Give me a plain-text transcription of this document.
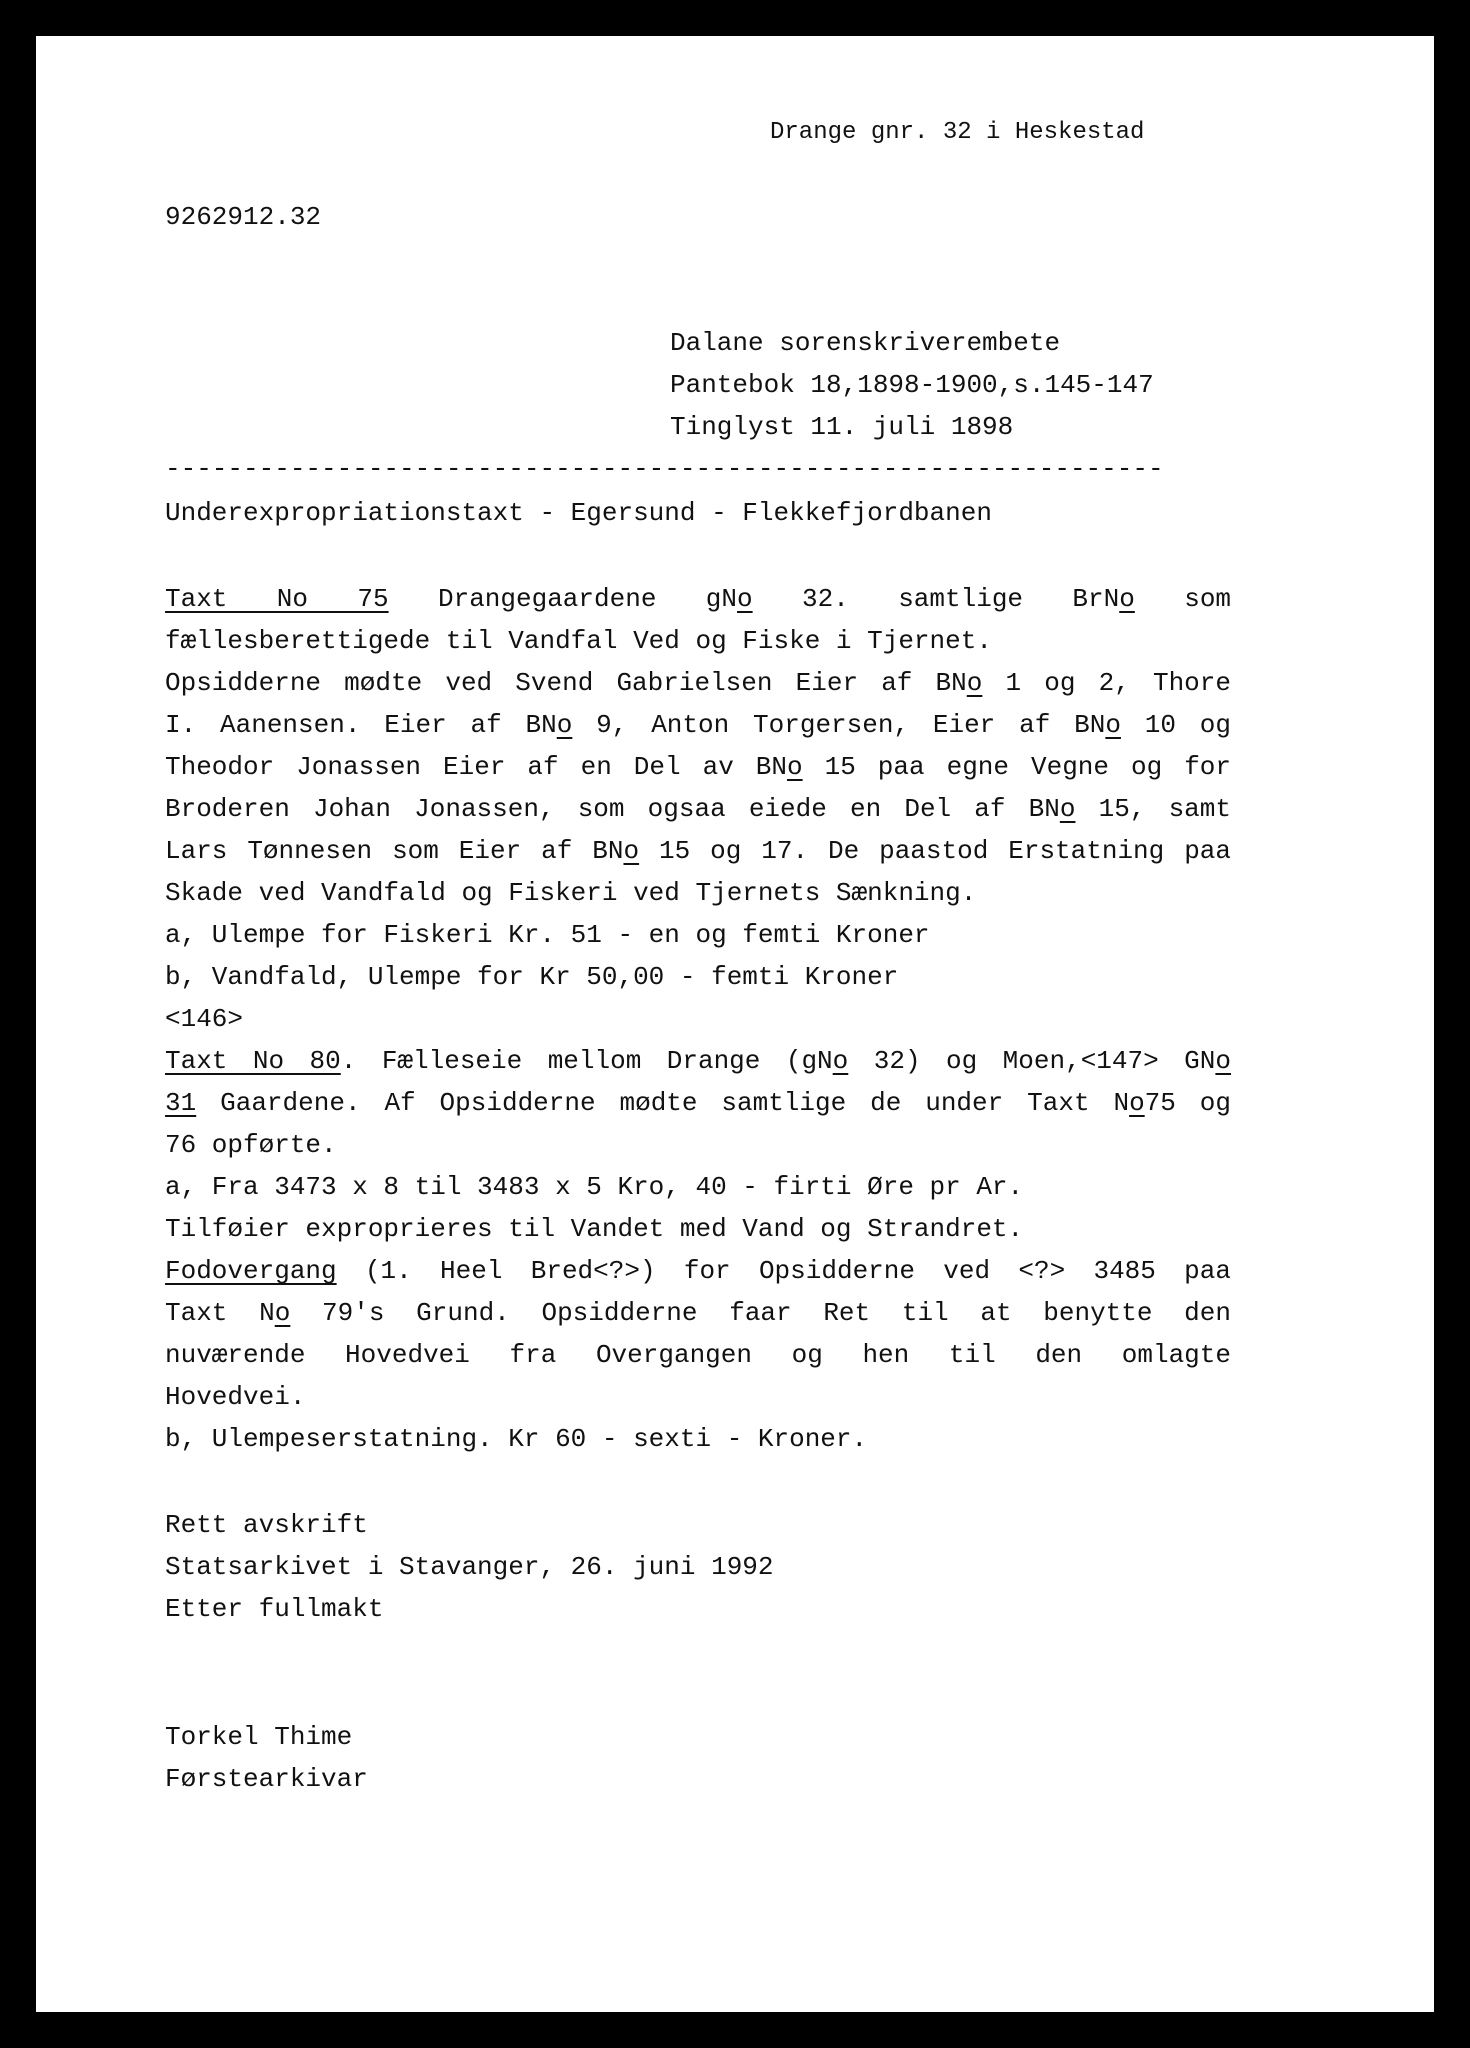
Drange gnr. 32 i Heskestad
9262912.32
Dalane sorenskriverembete
Pantebok 18,1898-1900,s.145-147
Tinglyst 11. juli 1898
----------------------------------------------------------------
Underexpropriationstaxt - Egersund - Flekkefjordbanen
Taxt No 75 Drangegaardene gNo 32. samtlige BrNo som
fællesberettigede til Vandfal Ved og Fiske i Tjernet.
Opsidderne mødte ved Svend Gabrielsen Eier af BNo 1 og 2, Thore
I. Aanensen. Eier af BNo 9, Anton Torgersen, Eier af BNo 10 og
Theodor Jonassen Eier af en Del av BNo 15 paa egne Vegne og for
Broderen Johan Jonassen, som ogsaa eiede en Del af BNo 15, samt
Lars Tønnesen som Eier af BNo 15 og 17. De paastod Erstatning paa
Skade ved Vandfald og Fiskeri ved Tjernets Sænkning.
a, Ulempe for Fiskeri Kr. 51 - en og femti Kroner
b, Vandfald, Ulempe for Kr 50,00 - femti Kroner
<146>
Taxt No 80. Fælleseie mellom Drange (gNo 32) og Moen,<147> GNo
31 Gaardene. Af Opsidderne mødte samtlige de under Taxt No75 og
76 opførte.
a, Fra 3473 x 8 til 3483 x 5 Kro, 40 - firti Øre pr Ar.
Tilføier exproprieres til Vandet med Vand og Strandret.
Fodovergang (1. Heel Bred<?>) for Opsidderne ved <?> 3485 paa
Taxt No 79's Grund. Opsidderne faar Ret til at benytte den
nuværende Hovedvei fra Overgangen og hen til den omlagte
Hovedvei.
b, Ulempeserstatning. Kr 60 - sexti - Kroner.
Rett avskrift
Statsarkivet i Stavanger, 26. juni 1992
Etter fullmakt
Torkel Thime
Førstearkivar
